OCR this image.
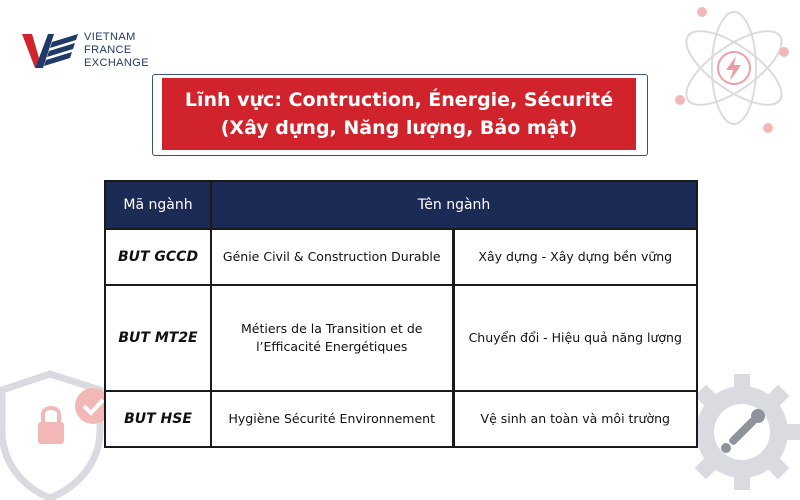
VIETNAM
FRANCE
EXCHANGE
Lĩnh vực: Contruction, Énergie, Sécurité
(Xây dựng, Năng lượng, Bảo mật)
Mã ngành	Tên ngành	
BUT GCCD	Génie Civil & Construction Durable	Xây dựng - Xây dựng bền vững
BUT MT2E	Métiers de la Transition et de l’Efficacité Energétiques	Chuyển đổi - Hiệu quả năng lượng
BUT HSE	Hygiène Sécurité Environnement	Vệ sinh an toàn và môi trường
